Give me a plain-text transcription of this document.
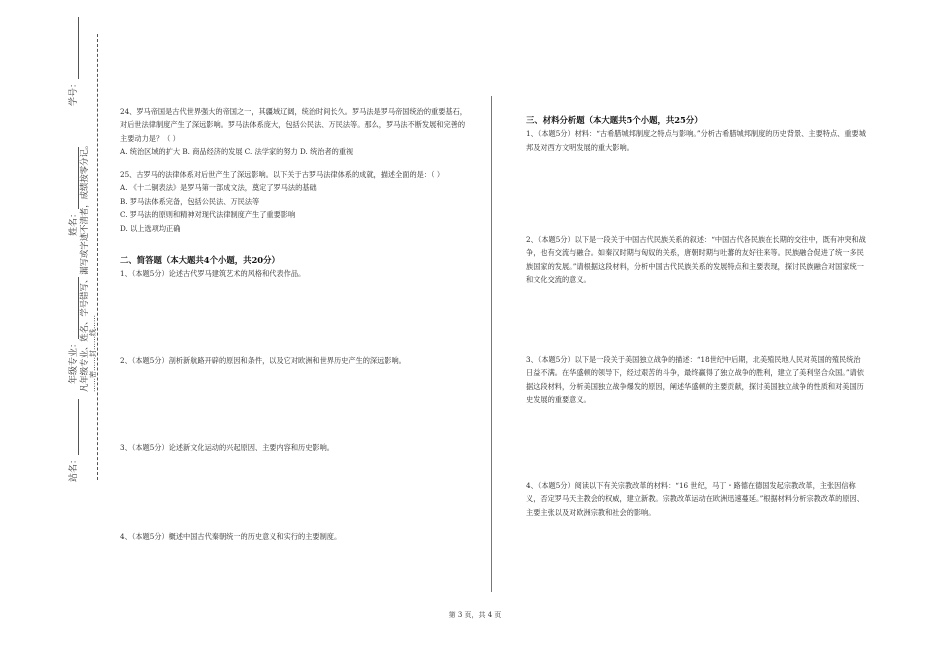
学号：
姓名：
年级专业：
站名：
凡年级专业、姓名、学号错写、漏写或字迹不清者，成绩按零分记。 ……密……封……线……

24、罗马帝国是古代世界强大的帝国之一，其疆域辽阔，统治时间长久。罗马法是罗马帝国统治的重要基石，对后世法律制度产生了深远影响。罗马法体系庞大，包括公民法、万民法等。那么，罗马法不断发展和完善的主要动力是？（ ）

A. 统治区域的扩大 B. 商品经济的发展 C. 法学家的努力 D. 统治者的重视

25、古罗马的法律体系对后世产生了深远影响。以下关于古罗马法律体系的成就，描述全面的是：（ ）

A. 《十二铜表法》是罗马第一部成文法，奠定了罗马法的基础

B. 罗马法体系完备，包括公民法、万民法等

C. 罗马法的原则和精神对现代法律制度产生了重要影响

D. 以上选项均正确

二、简答题（本大题共4个小题，共20分）

1、（本题5分）论述古代罗马建筑艺术的风格和代表作品。
2、（本题5分）剖析新航路开辟的原因和条件，以及它对欧洲和世界历史产生的深远影响。
3、（本题5分）论述新文化运动的兴起原因、主要内容和历史影响。
4、（本题5分）概述中国古代秦朝统一的历史意义和实行的主要制度。

三、材料分析题（本大题共5个小题，共25分）

1、（本题5分）材料：“古希腊城邦制度之特点与影响。”分析古希腊城邦制度的历史背景、主要特点、重要城邦及对西方文明发展的重大影响。

2、（本题5分）以下是一段关于中国古代民族关系的叙述：“中国古代各民族在长期的交往中，既有冲突和战争，也有交流与融合。如秦汉时期与匈奴的关系，唐朝时期与吐蕃的友好往来等。民族融合促进了统一多民族国家的发展。”请根据这段材料，分析中国古代民族关系的发展特点和主要表现，探讨民族融合对国家统一和文化交流的意义。
3、（本题5分）以下是一段关于美国独立战争的描述：“18世纪中后期，北美殖民地人民对英国的殖民统治日益不满。在华盛顿的领导下，经过艰苦的斗争，最终赢得了独立战争的胜利，建立了美利坚合众国。”请依据这段材料，分析美国独立战争爆发的原因，阐述华盛顿的主要贡献，探讨美国独立战争的性质和对美国历史发展的重要意义。
4、（本题5分）阅读以下有关宗教改革的材料：“16 世纪，马丁・路德在德国发起宗教改革，主张因信称义，否定罗马天主教会的权威，建立新教。宗教改革运动在欧洲迅速蔓延。”根据材料分析宗教改革的原因、主要主张以及对欧洲宗教和社会的影响。
第 3 页，共 4 页
